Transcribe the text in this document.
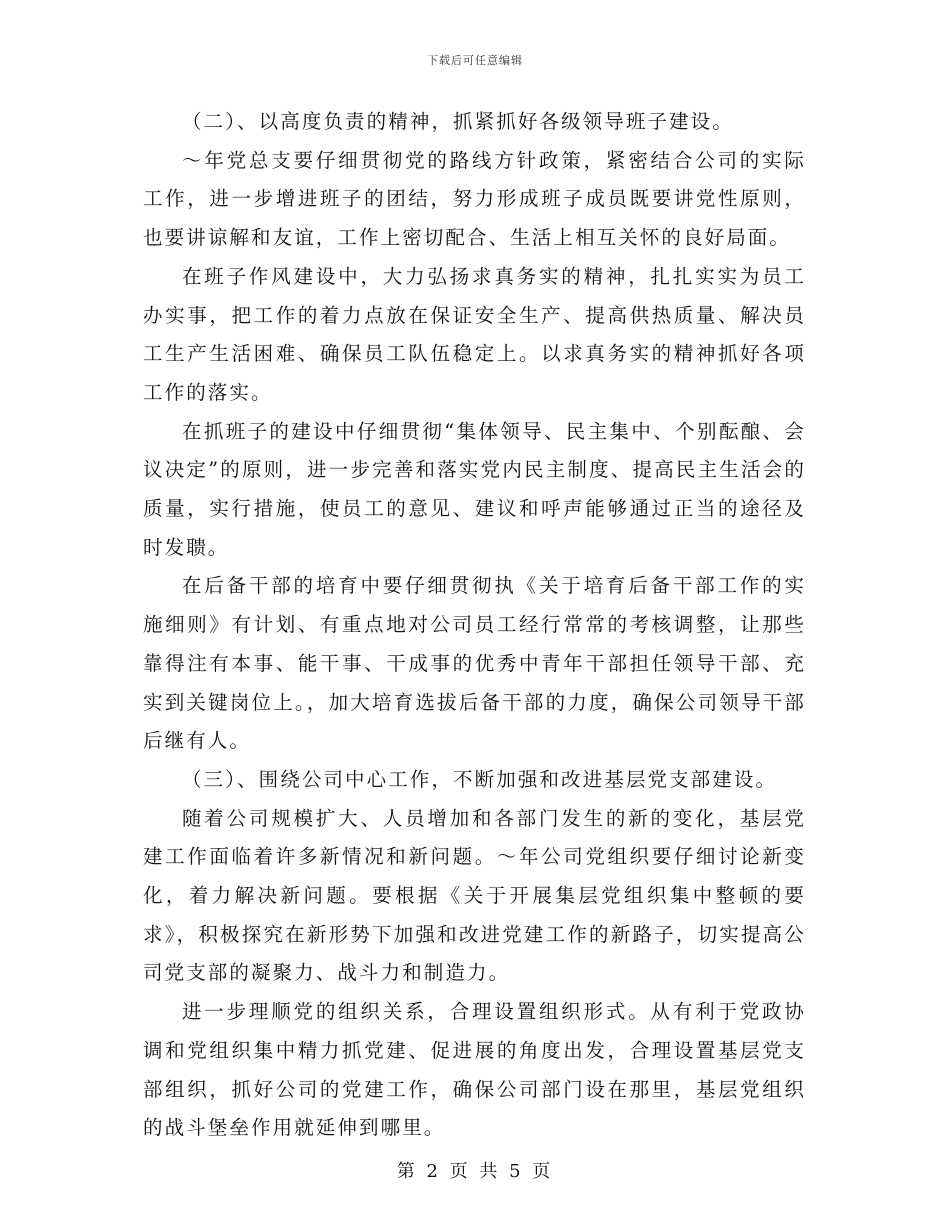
下载后可任意编辑

（二）、以高度负责的精神，抓紧抓好各级领导班子建设。

～年党总支要仔细贯彻党的路线方针政策，紧密结合公司的实际工作，进一步增进班子的团结，努力形成班子成员既要讲党性原则，也要讲谅解和友谊，工作上密切配合、生活上相互关怀的良好局面。

在班子作风建设中，大力弘扬求真务实的精神，扎扎实实为员工办实事，把工作的着力点放在保证安全生产、提高供热质量、解决员工生产生活困难、确保员工队伍稳定上。以求真务实的精神抓好各项工作的落实。

在抓班子的建设中仔细贯彻“集体领导、民主集中、个别酝酿、会议决定”的原则，进一步完善和落实党内民主制度、提高民主生活会的质量，实行措施，使员工的意见、建议和呼声能够通过正当的途径及时发聩。

在后备干部的培育中要仔细贯彻执《关于培育后备干部工作的实施细则》有计划、有重点地对公司员工经行常常的考核调整，让那些靠得注有本事、能干事、干成事的优秀中青年干部担任领导干部、充实到关键岗位上。，加大培育选拔后备干部的力度，确保公司领导干部后继有人。

（三）、围绕公司中心工作，不断加强和改进基层党支部建设。

随着公司规模扩大、人员增加和各部门发生的新的变化，基层党建工作面临着许多新情况和新问题。～年公司党组织要仔细讨论新变化，着力解决新问题。要根据《关于开展集层党组织集中整顿的要求》，积极探究在新形势下加强和改进党建工作的新路子，切实提高公司党支部的凝聚力、战斗力和制造力。

进一步理顺党的组织关系，合理设置组织形式。从有利于党政协调和党组织集中精力抓党建、促进展的角度出发，合理设置基层党支部组织，抓好公司的党建工作，确保公司部门设在那里，基层党组织的战斗堡垒作用就延伸到哪里。

第 2 页 共 5 页
